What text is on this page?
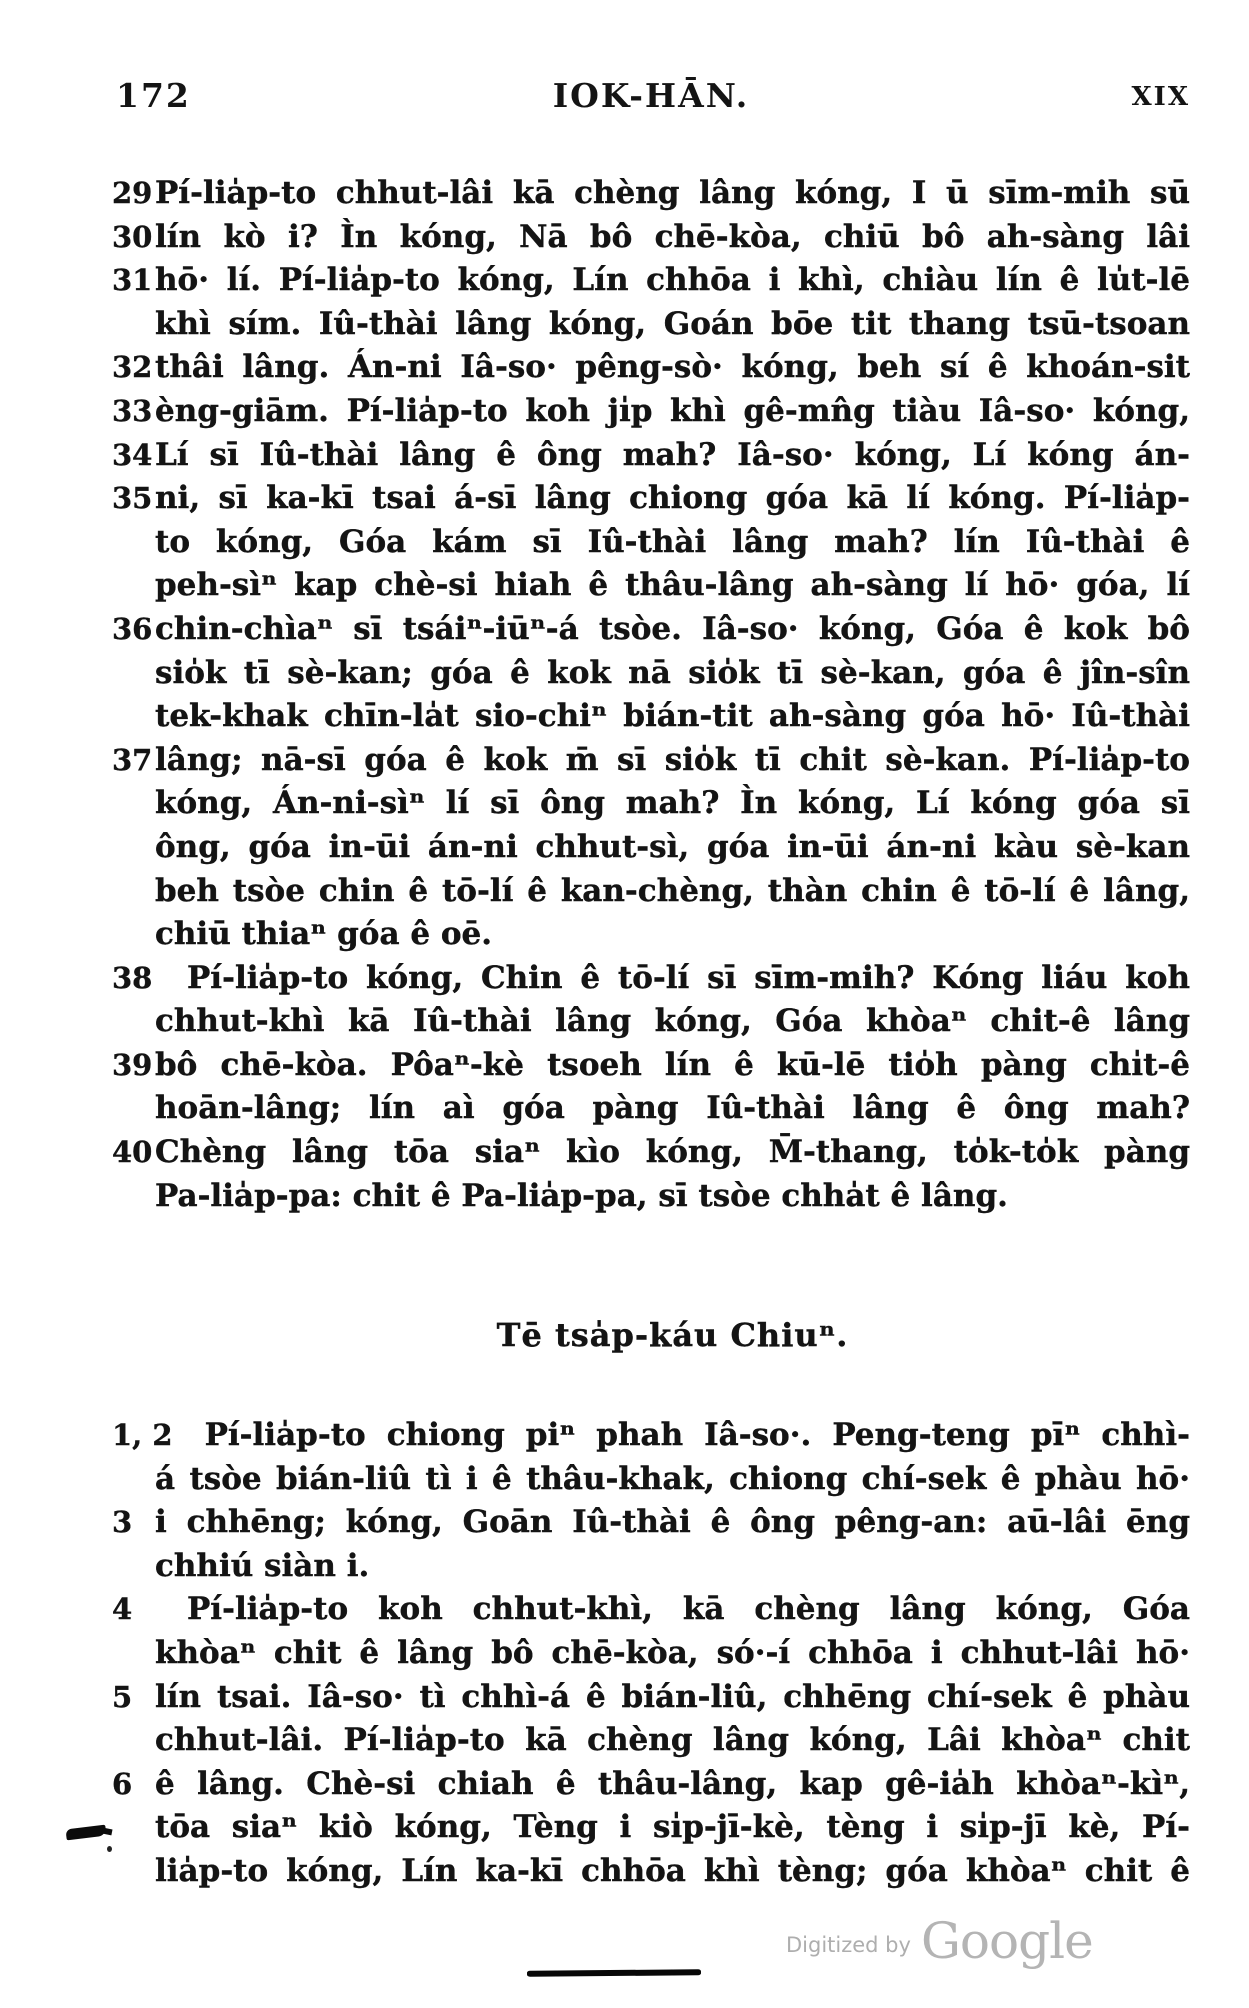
172	IOK-HĀN.	XIX
29 Pí-lia̍p-to chhut-lâi kā chèng lâng kóng, I ū sīm-mih sū
30 lín kò i? Ìn kóng, Nā bô chē-kòa, chiū bô ah-sàng lâi
31 hō· lí. Pí-lia̍p-to kóng, Lín chhōa i khì, chiàu lín ê lu̍t-lē
khì sím. Iû-thài lâng kóng, Goán bōe tit thang tsū-tsoan
32 thâi lâng. Án-ni Iâ-so· pêng-sò· kóng, beh sí ê khoán-sit
33 èng-giām. Pí-lia̍p-to koh ji̍p khì gê-mn̂g tiàu Iâ-so· kóng,
34 Lí sī Iû-thài lâng ê ông mah? Iâ-so· kóng, Lí kóng án-
35 ni, sī ka-kī tsai á-sī lâng chiong góa kā lí kóng. Pí-lia̍p-
to kóng, Góa kám sī Iû-thài lâng mah? lín Iû-thài ê
peh-sìⁿ kap chè-si hiah ê thâu-lâng ah-sàng lí hō· góa, lí
36 chin-chìaⁿ sī tsáiⁿ-iūⁿ-á tsòe. Iâ-so· kóng, Góa ê kok bô
sio̍k tī sè-kan; góa ê kok nā sio̍k tī sè-kan, góa ê jîn-sîn
tek-khak chīn-la̍t sio-chiⁿ bián-tit ah-sàng góa hō· Iû-thài
37 lâng; nā-sī góa ê kok m̄ sī sio̍k tī chit sè-kan. Pí-lia̍p-to
kóng, Án-ni-sìⁿ lí sī ông mah? Ìn kóng, Lí kóng góa sī
ông, góa in-ūi án-ni chhut-sì, góa in-ūi án-ni kàu sè-kan
beh tsòe chin ê tō-lí ê kan-chèng, thàn chin ê tō-lí ê lâng,
chiū thiaⁿ góa ê oē.
38	Pí-lia̍p-to kóng, Chin ê tō-lí sī sīm-mih? Kóng liáu koh
chhut-khì kā Iû-thài lâng kóng, Góa khòaⁿ chit-ê lâng
39 bô chē-kòa. Pôaⁿ-kè tsoeh lín ê kū-lē tio̍h pàng chi̍t-ê
hoān-lâng; lín aì góa pàng Iû-thài lâng ê ông mah?
40 Chèng lâng tōa siaⁿ kìo kóng, M̄-thang, to̍k-to̍k pàng
Pa-lia̍p-pa: chit ê Pa-lia̍p-pa, sī tsòe chha̍t ê lâng.
Tē tsa̍p-káu Chiuⁿ.
1, 2	Pí-lia̍p-to chiong piⁿ phah Iâ-so·. Peng-teng pīⁿ chhì-
á tsòe bián-liû tì i ê thâu-khak, chiong chí-sek ê phàu hō·
3 i chhēng; kóng, Goān Iû-thài ê ông pêng-an: aū-lâi ēng
chhiú siàn i.
4	Pí-lia̍p-to koh chhut-khì, kā chèng lâng kóng, Góa
khòaⁿ chit ê lâng bô chē-kòa, só·-í chhōa i chhut-lâi hō·
5 lín tsai. Iâ-so· tì chhì-á ê bián-liû, chhēng chí-sek ê phàu
chhut-lâi. Pí-lia̍p-to kā chèng lâng kóng, Lâi khòaⁿ chit
6 ê lâng. Chè-si chiah ê thâu-lâng, kap gê-ia̍h khòaⁿ-kìⁿ,
tōa siaⁿ kiò kóng, Tèng i si̍p-jī-kè, tèng i si̍p-jī kè, Pí-
lia̍p-to kóng, Lín ka-kī chhōa khì tèng; góa khòaⁿ chit ê
Digitized by Google
